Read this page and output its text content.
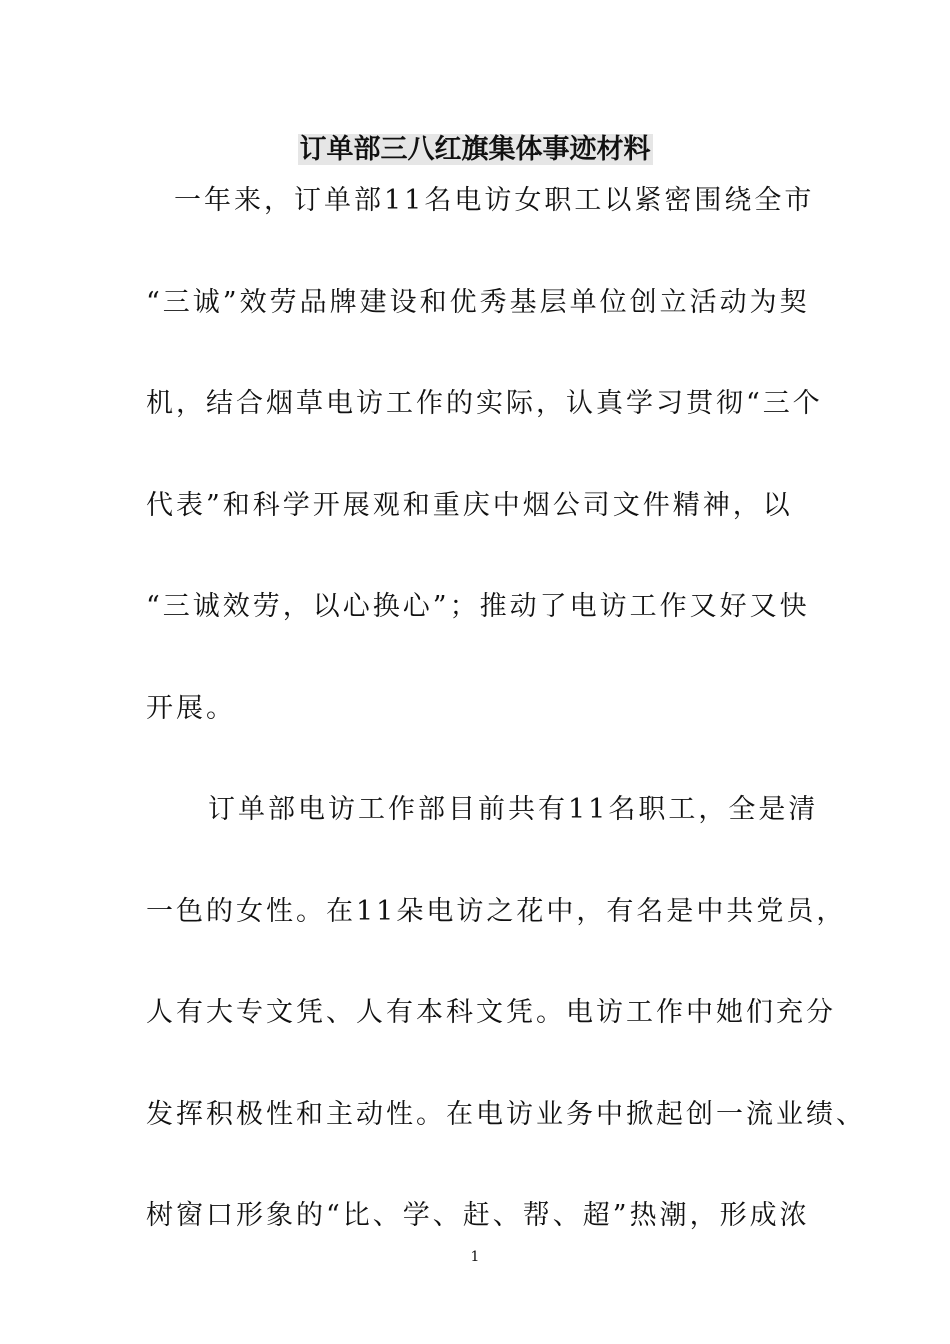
订单部三八红旗集体事迹材料
一年来，订单部11名电访女职工以紧密围绕全市
“三诚”效劳品牌建设和优秀基层单位创立活动为契
机，结合烟草电访工作的实际，认真学习贯彻“三个
代表”和科学开展观和重庆中烟公司文件精神，以
“三诚效劳，以心换心”；推动了电访工作又好又快
开展。
订单部电访工作部目前共有11名职工，全是清
一色的女性。在11朵电访之花中，有名是中共党员，
人有大专文凭、人有本科文凭。电访工作中她们充分
发挥积极性和主动性。在电访业务中掀起创一流业绩、
树窗口形象的“比、学、赶、帮、超”热潮，形成浓
1
